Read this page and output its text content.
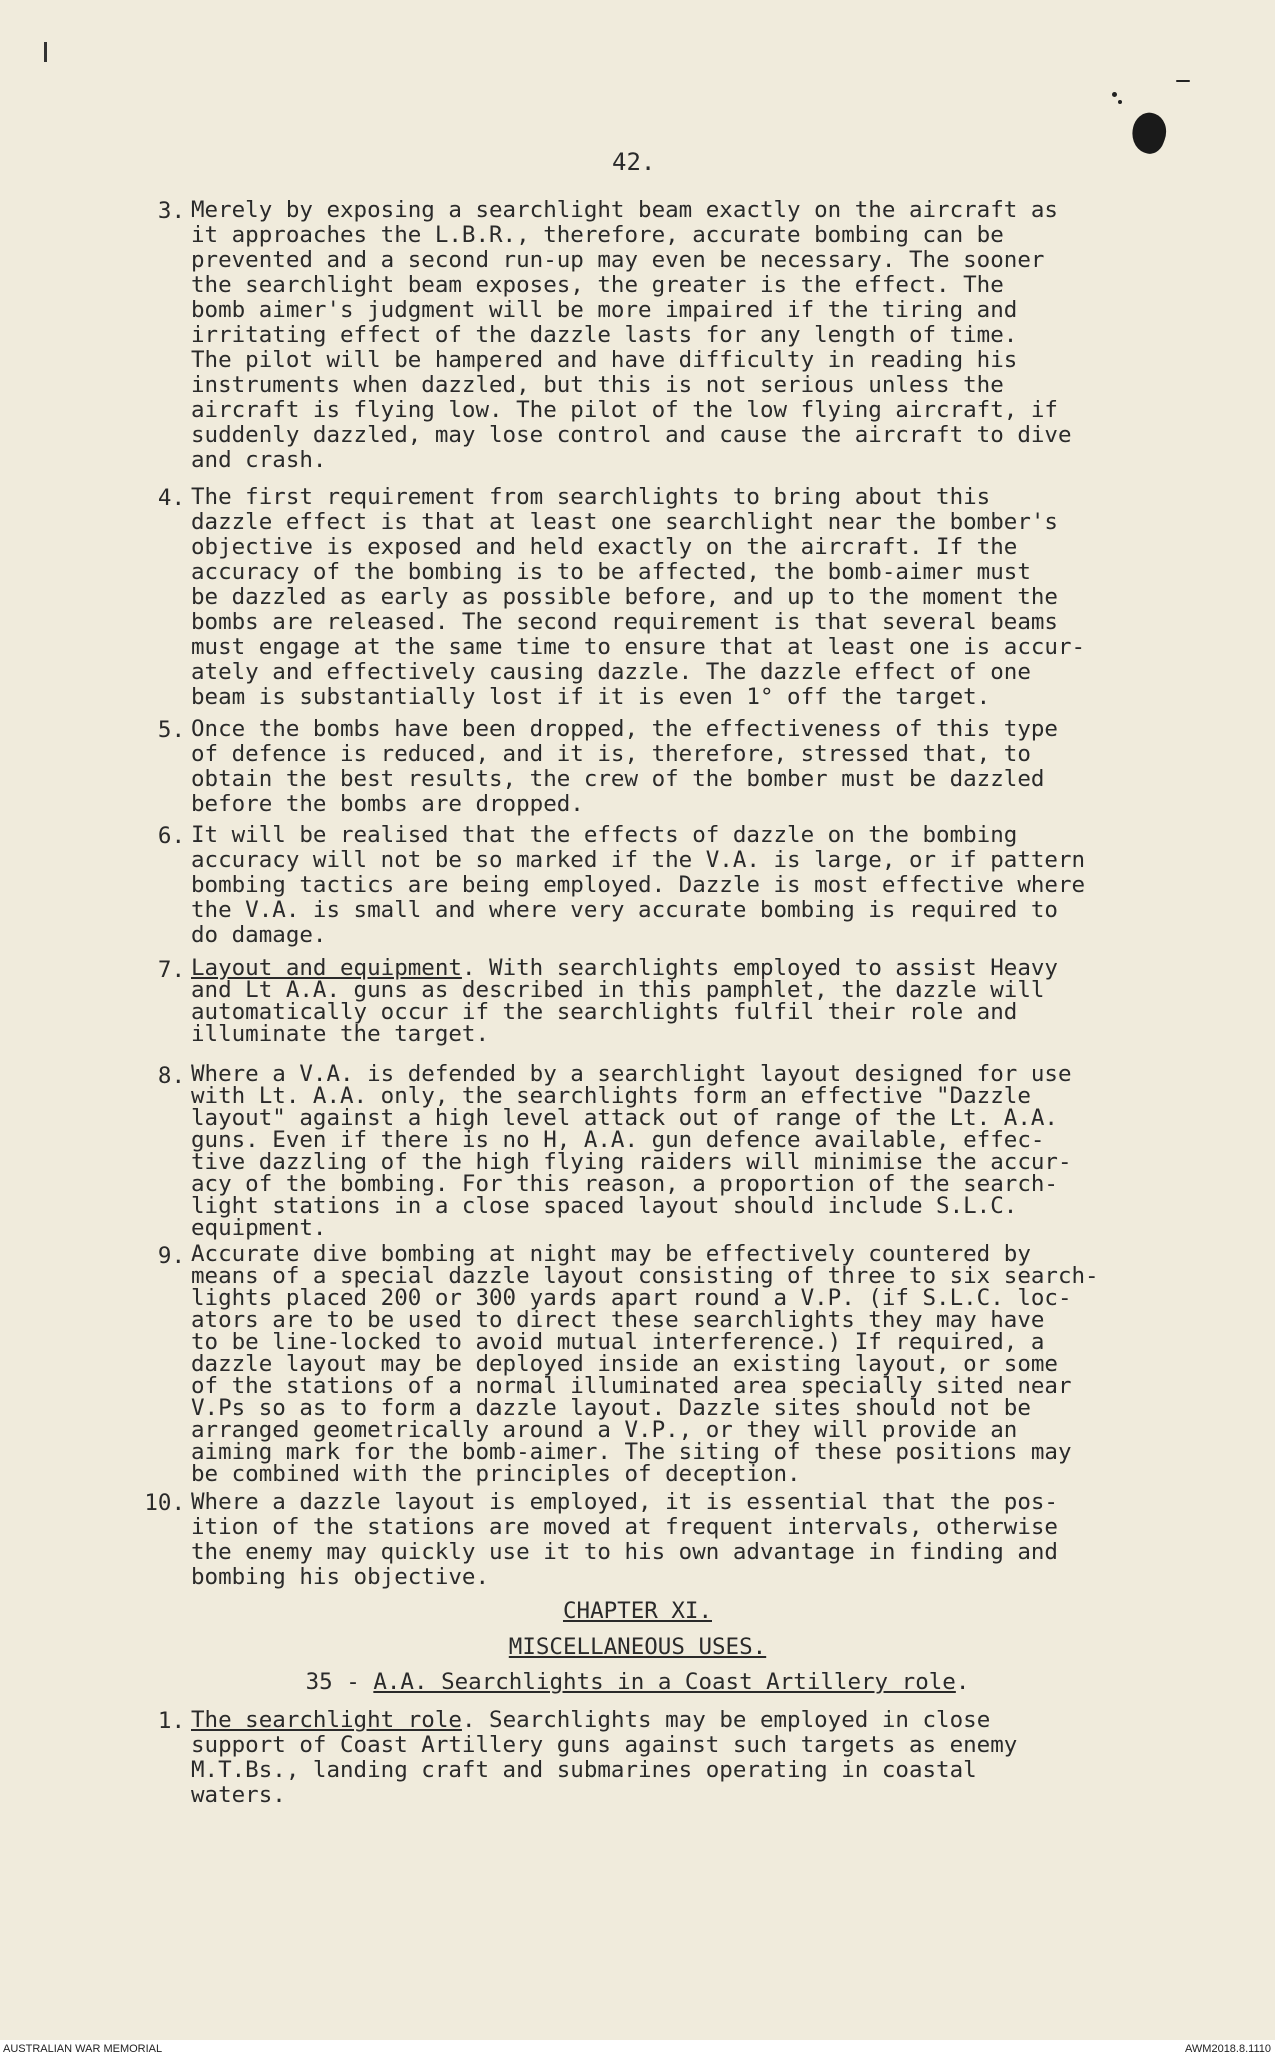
42.
3. Merely by exposing a searchlight beam exactly on the aircraft as
it approaches the L.B.R., therefore, accurate bombing can be
prevented and a second run-up may even be necessary. The sooner
the searchlight beam exposes, the greater is the effect. The
bomb aimer's judgment will be more impaired if the tiring and
irritating effect of the dazzle lasts for any length of time.
The pilot will be hampered and have difficulty in reading his
instruments when dazzled, but this is not serious unless the
aircraft is flying low. The pilot of the low flying aircraft, if
suddenly dazzled, may lose control and cause the aircraft to dive
and crash.
4. The first requirement from searchlights to bring about this
dazzle effect is that at least one searchlight near the bomber's
objective is exposed and held exactly on the aircraft. If the
accuracy of the bombing is to be affected, the bomb-aimer must
be dazzled as early as possible before, and up to the moment the
bombs are released. The second requirement is that several beams
must engage at the same time to ensure that at least one is accur-
ately and effectively causing dazzle. The dazzle effect of one
beam is substantially lost if it is even 1° off the target.
5. Once the bombs have been dropped, the effectiveness of this type
of defence is reduced, and it is, therefore, stressed that, to
obtain the best results, the crew of the bomber must be dazzled
before the bombs are dropped.
6. It will be realised that the effects of dazzle on the bombing
accuracy will not be so marked if the V.A. is large, or if pattern
bombing tactics are being employed. Dazzle is most effective where
the V.A. is small and where very accurate bombing is required to
do damage.
7. Layout and equipment. With searchlights employed to assist Heavy
and Lt A.A. guns as described in this pamphlet, the dazzle will
automatically occur if the searchlights fulfil their role and
illuminate the target.
8. Where a V.A. is defended by a searchlight layout designed for use
with Lt. A.A. only, the searchlights form an effective "Dazzle
layout" against a high level attack out of range of the Lt. A.A.
guns. Even if there is no H, A.A. gun defence available, effec-
tive dazzling of the high flying raiders will minimise the accur-
acy of the bombing. For this reason, a proportion of the search-
light stations in a close spaced layout should include S.L.C.
equipment.
9. Accurate dive bombing at night may be effectively countered by
means of a special dazzle layout consisting of three to six search-
lights placed 200 or 300 yards apart round a V.P. (if S.L.C. loc-
ators are to be used to direct these searchlights they may have
to be line-locked to avoid mutual interference.) If required, a
dazzle layout may be deployed inside an existing layout, or some
of the stations of a normal illuminated area specially sited near
V.Ps so as to form a dazzle layout. Dazzle sites should not be
arranged geometrically around a V.P., or they will provide an
aiming mark for the bomb-aimer. The siting of these positions may
be combined with the principles of deception.
10. Where a dazzle layout is employed, it is essential that the pos-
ition of the stations are moved at frequent intervals, otherwise
the enemy may quickly use it to his own advantage in finding and
bombing his objective.
CHAPTER XI.
MISCELLANEOUS USES.
35 - A.A. Searchlights in a Coast Artillery role.
1. The searchlight role. Searchlights may be employed in close
support of Coast Artillery guns against such targets as enemy
M.T.Bs., landing craft and submarines operating in coastal
waters.
AUSTRALIAN WAR MEMORIAL	AWM2018.8.1110
